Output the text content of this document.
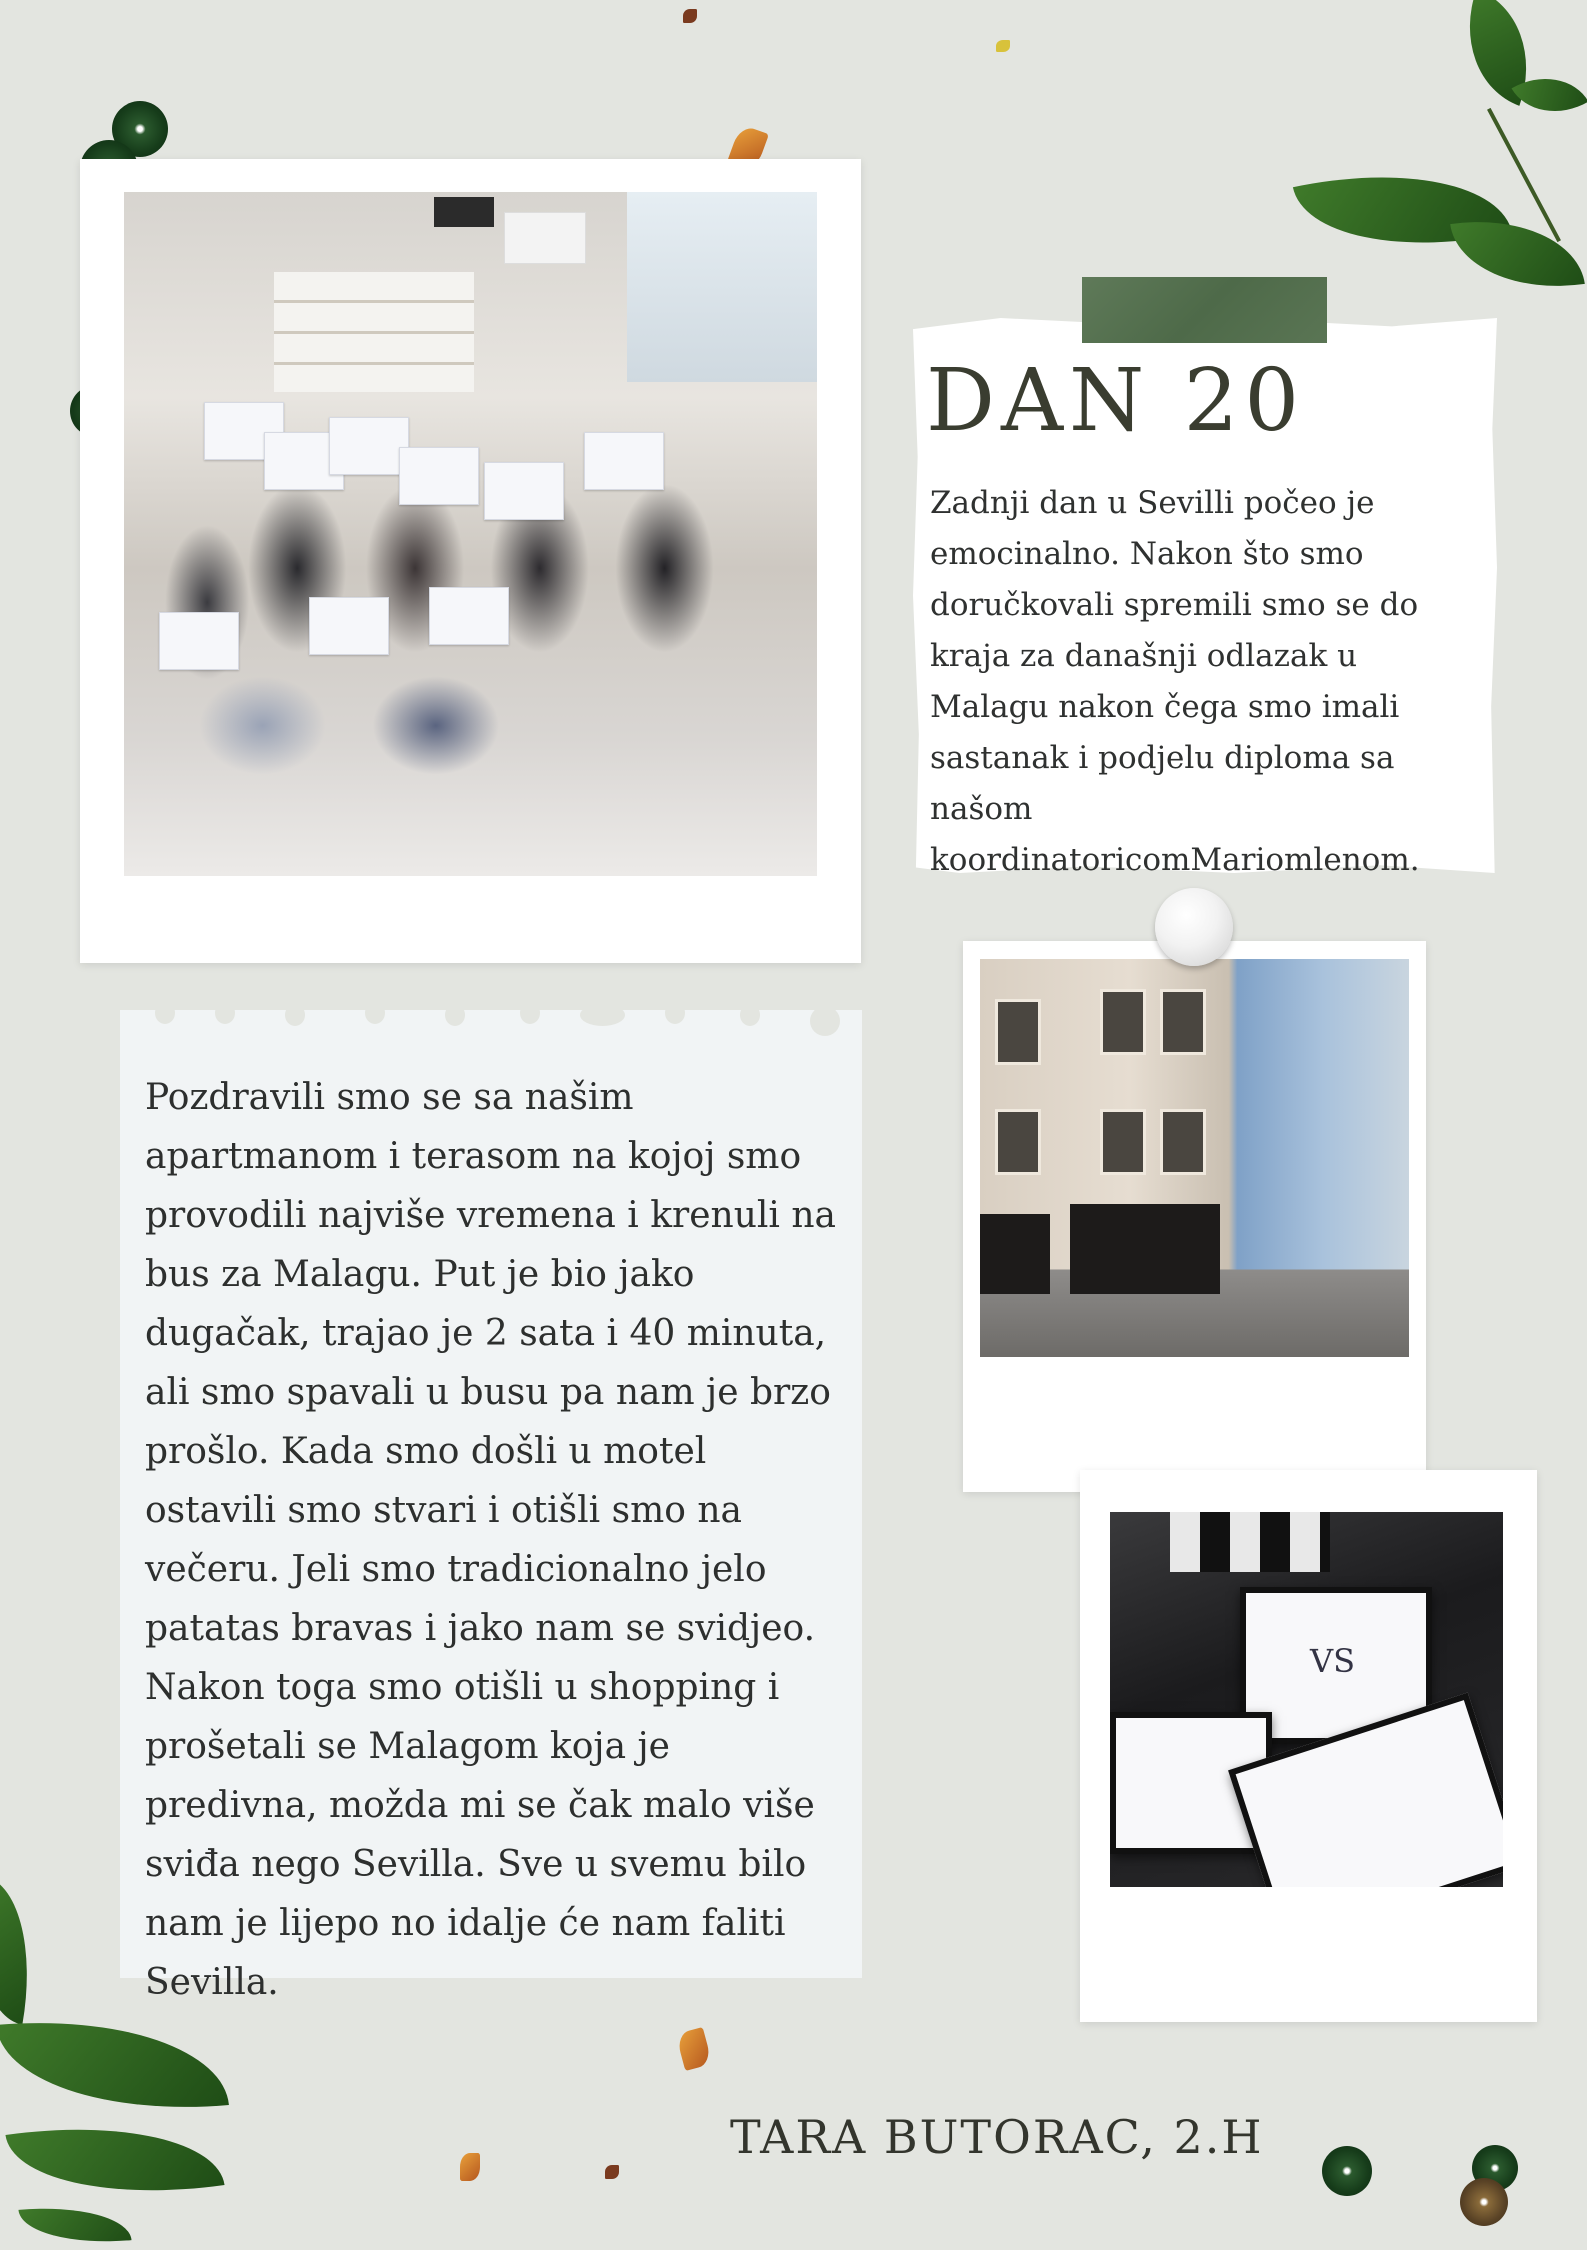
DAN 20
Zadnji dan u Sevilli počeo je emocinalno. Nakon što smo doručkovali spremili smo se do kraja za današnji odlazak u Malagu nakon čega smo imali sastanak i podjelu diploma sa našom koordinatoricomMariomlenom.
Pozdravili smo se sa našim apartmanom i terasom na kojoj smo provodili najviše vremena i krenuli na bus za Malagu. Put je bio jako dugačak, trajao je 2 sata i 40 minuta, ali smo spavali u busu pa nam je brzo prošlo. Kada smo došli u motel ostavili smo stvari i otišli smo na večeru. Jeli smo tradicionalno jelo patatas bravas i jako nam se svidjeo. Nakon toga smo otišli u shopping i prošetali se Malagom koja je predivna, možda mi se čak malo više sviđa nego Sevilla. Sve u svemu bilo nam je lijepo no idalje će nam faliti Sevilla.
VS
TARA BUTORAC, 2.H
